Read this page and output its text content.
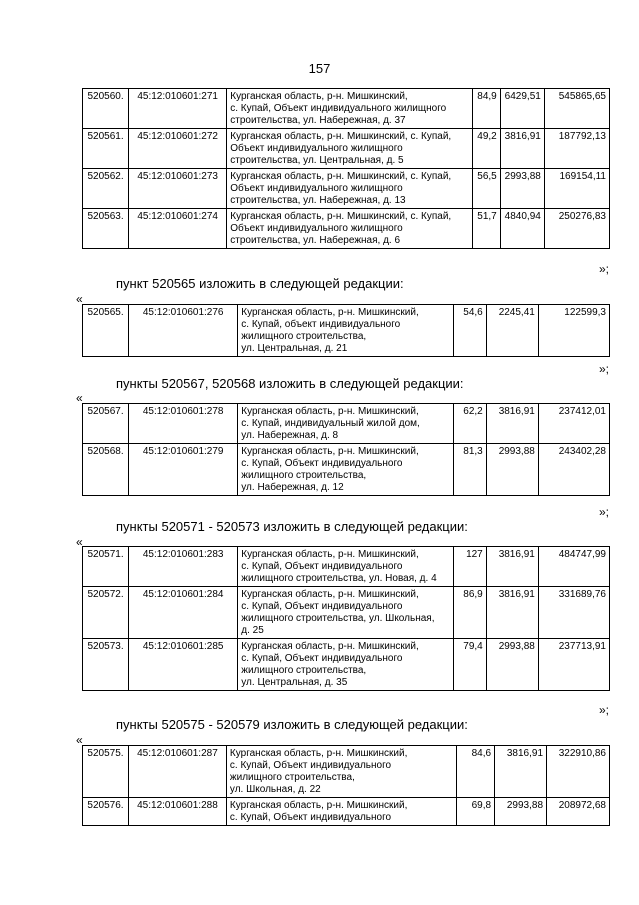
157
520560.	45:12:010601:271	Курганская область, р-н. Мишкинский,
с. Купай, Объект индивидуального жилищного
строительства, ул. Набережная, д. 37	84,9	6429,51	545865,65
520561.	45:12:010601:272	Курганская область, р-н. Мишкинский, с. Купай,
Объект индивидуального жилищного
строительства, ул. Центральная, д. 5	49,2	3816,91	187792,13
520562.	45:12:010601:273	Курганская область, р-н. Мишкинский, с. Купай,
Объект индивидуального жилищного
строительства, ул. Набережная, д. 13	56,5	2993,88	169154,11
520563.	45:12:010601:274	Курганская область, р-н. Мишкинский, с. Купай,
Объект индивидуального жилищного
строительства, ул. Набережная, д. 6	51,7	4840,94	250276,83
»;
пункт 520565 изложить в следующей редакции:
«
520565.	45:12:010601:276	Курганская область, р-н. Мишкинский,
с. Купай, объект индивидуального
жилищного строительства,
ул. Центральная, д. 21	54,6	2245,41	122599,3
»;
пункты 520567, 520568 изложить в следующей редакции:
«
520567.	45:12:010601:278	Курганская область, р-н. Мишкинский,
с. Купай, индивидуальный жилой дом,
ул. Набережная, д. 8	62,2	3816,91	237412,01
520568.	45:12:010601:279	Курганская область, р-н. Мишкинский,
с. Купай, Объект индивидуального
жилищного строительства,
ул. Набережная, д. 12	81,3	2993,88	243402,28
»;
пункты 520571 - 520573 изложить в следующей редакции:
«
520571.	45:12:010601:283	Курганская область, р-н. Мишкинский,
с. Купай, Объект индивидуального
жилищного строительства, ул. Новая, д. 4	127	3816,91	484747,99
520572.	45:12:010601:284	Курганская область, р-н. Мишкинский,
с. Купай, Объект индивидуального
жилищного строительства, ул. Школьная,
д. 25	86,9	3816,91	331689,76
520573.	45:12:010601:285	Курганская область, р-н. Мишкинский,
с. Купай, Объект индивидуального
жилищного строительства,
ул. Центральная, д. 35	79,4	2993,88	237713,91
»;
пункты 520575 - 520579 изложить в следующей редакции:
«
520575.	45:12:010601:287	Курганская область, р-н. Мишкинский,
с. Купай, Объект индивидуального
жилищного строительства,
ул. Школьная, д. 22	84,6	3816,91	322910,86
520576.	45:12:010601:288	Курганская область, р-н. Мишкинский,
с. Купай, Объект индивидуального	69,8	2993,88	208972,68
